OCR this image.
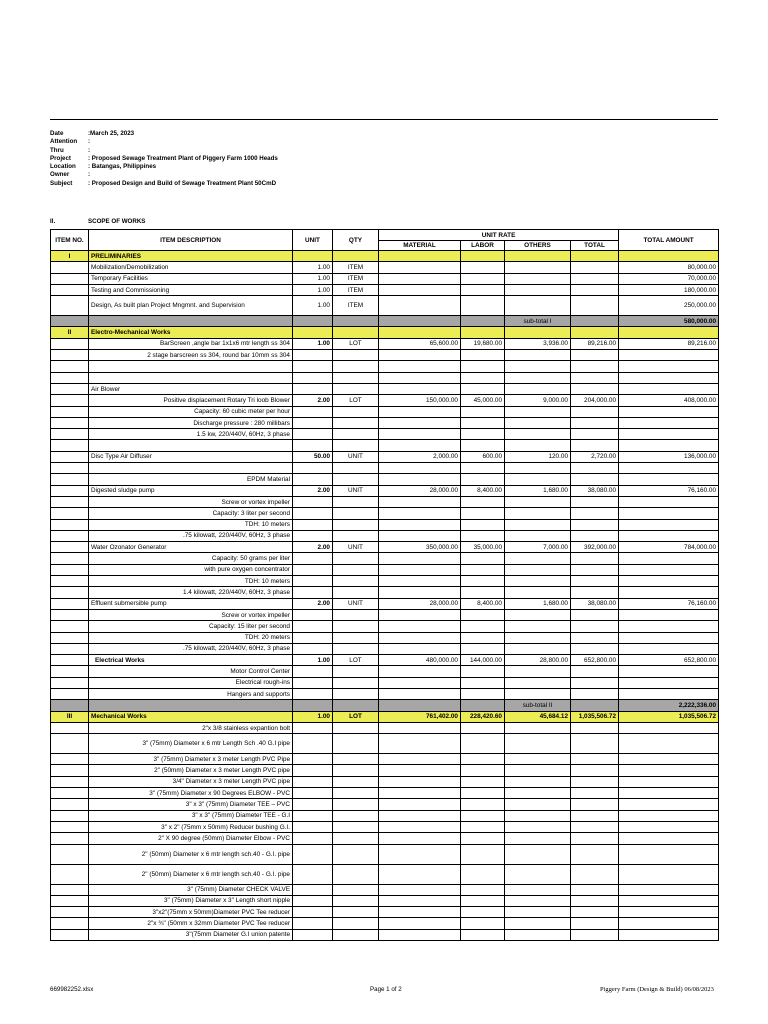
Date	:March 25, 2023
Attention	:
Thru	:
Project	: Proposed Sewage Treatment Plant of Piggery Farm 1000 Heads
Location	: Batangas, Philippines
Owner	:
Subject	: Proposed Design and Build of Sewage Treatment Plant 50CmD
II.	SCOPE OF WORKS
ITEM NO.	ITEM DESCRIPTION	UNIT	QTY	UNIT RATE				TOTAL AMOUNT
				MATERIAL	LABOR	OTHERS	TOTAL	
I	PRELIMINARIES							
	Mobilization/Demobilization	1.00	ITEM					80,000.00
	Temporary Facilities	1.00	ITEM					70,000.00
	Testing and Commissioning	1.00	ITEM					180,000.00
	Design, As built plan Project Mngmnt. and Supervision	1.00	ITEM					250,000.00
						sub-total I		580,000.00
II	Electro-Mechanical Works							
	BarScreen ,angle bar 1x1x6 mtr length ss 304	1.00	LOT	65,600.00	19,680.00	3,936.00	89,216.00	89,216.00
	2 stage barscreen ss 304, round bar 10mm ss 304							

	Air Blower							
	Positive displacement Rotary Tri loob Blower	2.00	LOT	150,000.00	45,000.00	9,000.00	204,000.00	408,000.00
	Capacity: 60 cubic meter per hour							
	Discharge pressure : 280 millibars							
	1.5 kw, 220/440V, 60Hz, 3 phase							

	Disc Type Air Diffuser	50.00	UNIT	2,000.00	600.00	120.00	2,720.00	136,000.00

	EPDM Material							
	Digested sludge pump	2.00	UNIT	28,000.00	8,400.00	1,680.00	38,080.00	76,160.00
	Screw or vortex impeller							
	Capacity: 3 liter per second							
	TDH: 10 meters							
	.75 kilowatt, 220/440V, 60Hz, 3 phase							
	Water Ozonator Generator	2.00	UNIT	350,000.00	35,000.00	7,000.00	392,000.00	784,000.00
	Capacity: 50 grams per liter							
	with pure oxygen concentrator							
	TDH: 10 meters							
	1.4 kilowatt, 220/440V, 60Hz, 3 phase							
	Effluent submersible pump	2.00	UNIT	28,000.00	8,400.00	1,680.00	38,080.00	76,160.00
	Screw or vortex impeller							
	Capacity: 15 liter per second							
	TDH: 20 meters							
	.75 kilowatt, 220/440V, 60Hz, 3 phase							
	Electrical Works	1.00	LOT	480,000.00	144,000.00	28,800.00	652,800.00	652,800.00
	Motor Control Center							
	Electrical rough-ins							
	Hangers and supports							
						sub-total II		2,222,336.00
III	Mechanical Works	1.00	LOT	761,402.00	228,420.60	45,684.12	1,035,506.72	1,035,506.72
	2"x 3/8 stainless expantion bolt							
	3" (75mm) Diameter x 6 mtr Length Sch .40 G.I pipe							
	3" (75mm) Diameter x 3 meter Length PVC Pipe							
	2" (50mm) Diameter x 3 meter Length PVC pipe							
	3/4" Diameter x 3 meter Length PVC pipe							
	3" (75mm) Diameter x 90 Degrees ELBOW - PVC							
	3" x 3" (75mm) Diameter TEE – PVC							
	3" x 3" (75mm) Diameter TEE - G.I							
	3" x 2" (75mm x 50mm) Reducer bushing G.I.							
	2" X 90 degree (50mm) Diameter Elbow - PVC							
	2" (50mm) Diameter x 6 mtr length sch.40 - G.I. pipe							
	2" (50mm) Diameter x 6 mtr length sch.40 - G.I. pipe							
	3" (75mm) Diameter CHECK VALVE							
	3" (75mm) Diameter x 3" Length short nipple							
	3"x2"(75mm x 50mm)Diameter PVC Tee reducer							
	2"x ¾" (50mm x 32mm Diameter PVC Tee reducer							
	3"(75mm Diameter G.I union patente							
669982252.xlsx	Page 1 of 2	Piggery Farm (Design & Build) 06/08/2023
